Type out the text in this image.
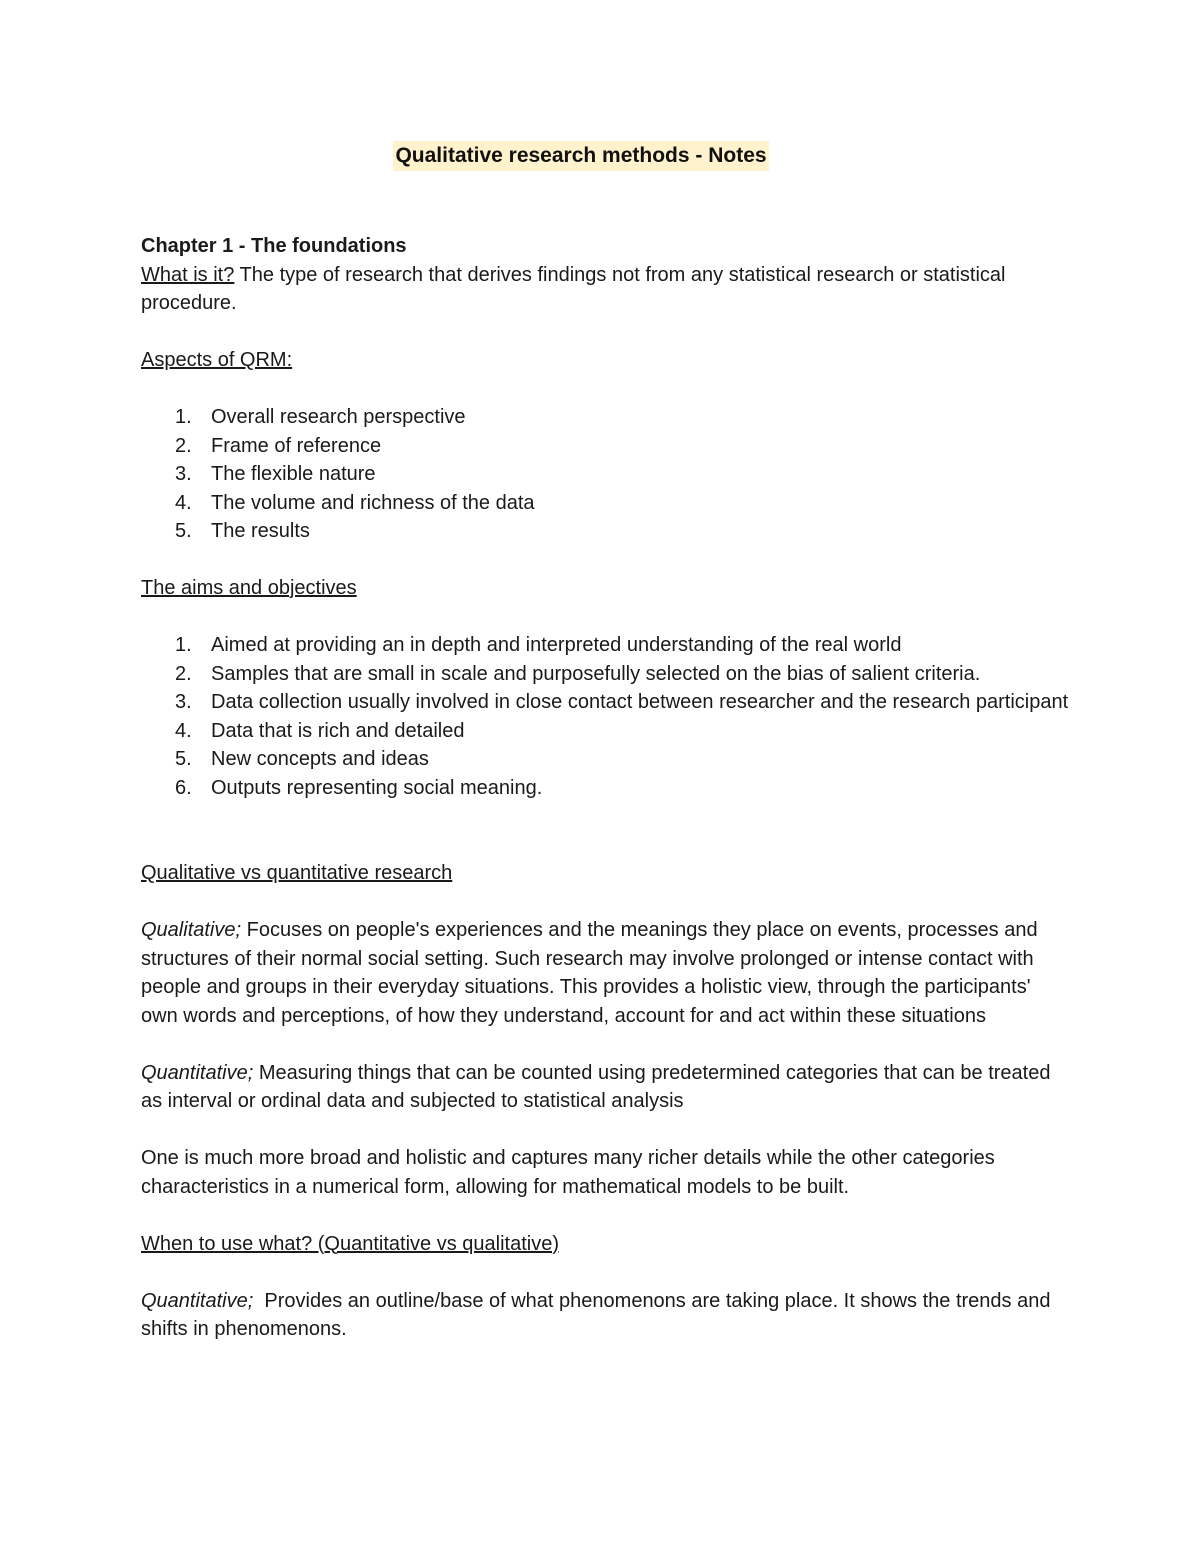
Qualitative research methods - Notes

Chapter 1 - The foundations

What is it? The type of research that derives findings not from any statistical research or statistical procedure.

Aspects of QRM:

1. Overall research perspective
2. Frame of reference
3. The flexible nature
4. The volume and richness of the data
5. The results

The aims and objectives

1. Aimed at providing an in depth and interpreted understanding of the real world
2. Samples that are small in scale and purposefully selected on the bias of salient criteria.
3. Data collection usually involved in close contact between researcher and the research participant
4. Data that is rich and detailed
5. New concepts and ideas
6. Outputs representing social meaning.

Qualitative vs quantitative research

Qualitative; Focuses on people's experiences and the meanings they place on events, processes and structures of their normal social setting. Such research may involve prolonged or intense contact with people and groups in their everyday situations. This provides a holistic view, through the participants' own words and perceptions, of how they understand, account for and act within these situations

Quantitative; Measuring things that can be counted using predetermined categories that can be treated as interval or ordinal data and subjected to statistical analysis

One is much more broad and holistic and captures many richer details while the other categories characteristics in a numerical form, allowing for mathematical models to be built.

When to use what? (Quantitative vs qualitative)

Quantitative;  Provides an outline/base of what phenomenons are taking place. It shows the trends and shifts in phenomenons.
